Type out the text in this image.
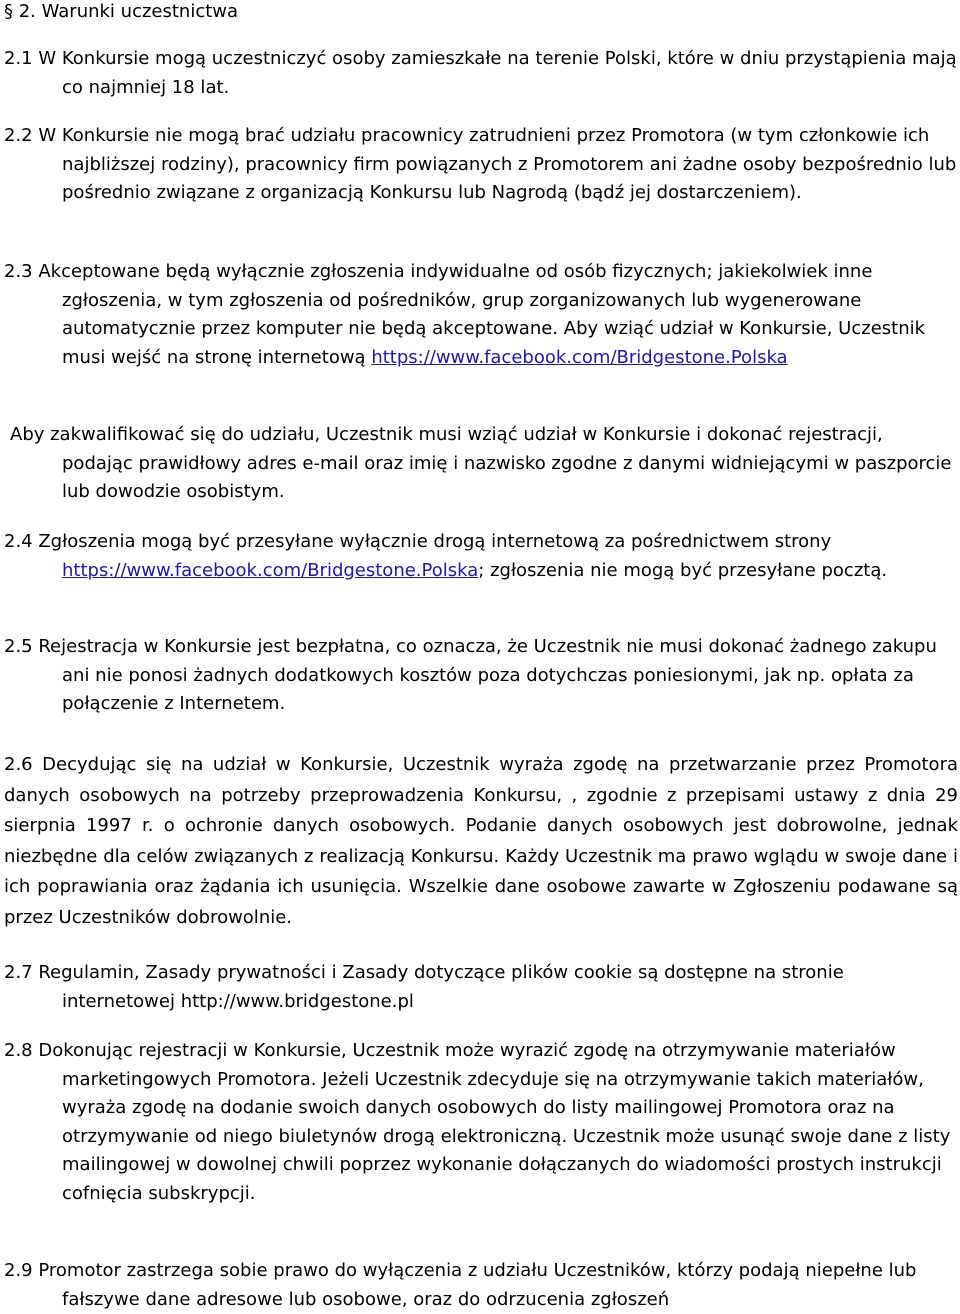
§ 2. Warunki uczestnictwa

2.1 W Konkursie mogą uczestniczyć osoby zamieszkałe na terenie Polski, które w dniu przystąpienia mają co najmniej 18 lat.

2.2 W Konkursie nie mogą brać udziału pracownicy zatrudnieni przez Promotora (w tym członkowie ich najbliższej rodziny), pracownicy firm powiązanych z Promotorem ani żadne osoby bezpośrednio lub pośrednio związane z organizacją Konkursu lub Nagrodą (bądź jej dostarczeniem).

2.3 Akceptowane będą wyłącznie zgłoszenia indywidualne od osób fizycznych; jakiekolwiek inne zgłoszenia, w tym zgłoszenia od pośredników, grup zorganizowanych lub wygenerowane automatycznie przez komputer nie będą akceptowane. Aby wziąć udział w Konkursie, Uczestnik musi wejść na stronę internetową https://www.facebook.com/Bridgestone.Polska

Aby zakwalifikować się do udziału, Uczestnik musi wziąć udział w Konkursie i dokonać rejestracji, podając prawidłowy adres e-mail oraz imię i nazwisko zgodne z danymi widniejącymi w paszporcie lub dowodzie osobistym.

2.4 Zgłoszenia mogą być przesyłane wyłącznie drogą internetową za pośrednictwem strony https://www.facebook.com/Bridgestone.Polska; zgłoszenia nie mogą być przesyłane pocztą.

2.5 Rejestracja w Konkursie jest bezpłatna, co oznacza, że Uczestnik nie musi dokonać żadnego zakupu ani nie ponosi żadnych dodatkowych kosztów poza dotychczas poniesionymi, jak np. opłata za połączenie z Internetem.

2.6 Decydując się na udział w Konkursie, Uczestnik wyraża zgodę na przetwarzanie przez Promotora danych osobowych na potrzeby przeprowadzenia Konkursu, , zgodnie z przepisami ustawy z dnia 29 sierpnia 1997 r. o ochronie danych osobowych. Podanie danych osobowych jest dobrowolne, jednak niezbędne dla celów związanych z realizacją Konkursu. Każdy Uczestnik ma prawo wglądu w swoje dane i ich poprawiania oraz żądania ich usunięcia. Wszelkie dane osobowe zawarte w Zgłoszeniu podawane są przez Uczestników dobrowolnie.

2.7 Regulamin, Zasady prywatności i Zasady dotyczące plików cookie są dostępne na stronie internetowej http://www.bridgestone.pl

2.8 Dokonując rejestracji w Konkursie, Uczestnik może wyrazić zgodę na otrzymywanie materiałów marketingowych Promotora. Jeżeli Uczestnik zdecyduje się na otrzymywanie takich materiałów, wyraża zgodę na dodanie swoich danych osobowych do listy mailingowej Promotora oraz na otrzymywanie od niego biuletynów drogą elektroniczną. Uczestnik może usunąć swoje dane z listy mailingowej w dowolnej chwili poprzez wykonanie dołączanych do wiadomości prostych instrukcji cofnięcia subskrypcji.

2.9 Promotor zastrzega sobie prawo do wyłączenia z udziału Uczestników, którzy podają niepełne lub fałszywe dane adresowe lub osobowe, oraz do odrzucenia zgłoszeń
